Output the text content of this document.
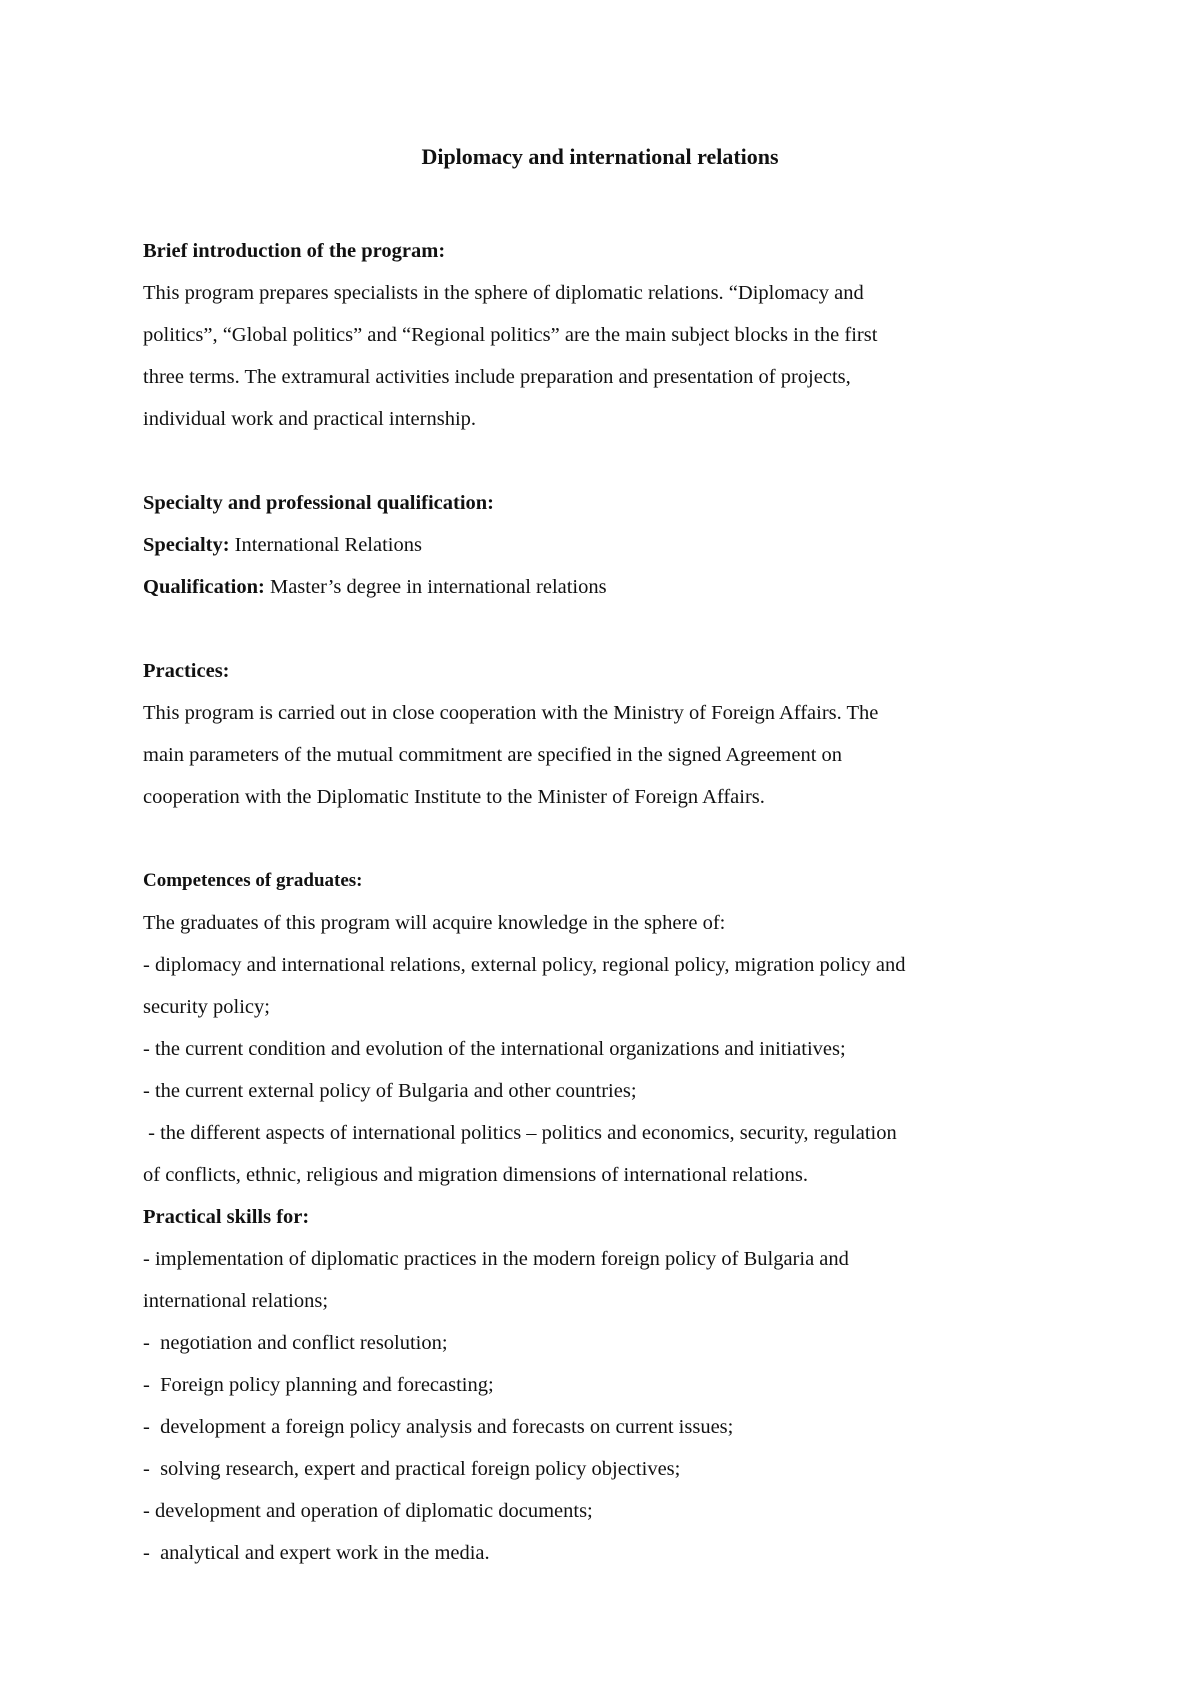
Diplomacy and international relations

Brief introduction of the program:

This program prepares specialists in the sphere of diplomatic relations. “Diplomacy and

politics”, “Global politics” and “Regional politics” are the main subject blocks in the first

three terms. The extramural activities include preparation and presentation of projects,

individual work and practical internship.

Specialty and professional qualification:

Specialty: International Relations

Qualification: Master’s degree in international relations

Practices:

This program is carried out in close cooperation with the Ministry of Foreign Affairs. The

main parameters of the mutual commitment are specified in the signed Agreement on

cooperation with the Diplomatic Institute to the Minister of Foreign Affairs.

Competences of graduates:

The graduates of this program will acquire knowledge in the sphere of:

- diplomacy and international relations, external policy, regional policy, migration policy and

security policy;

- the current condition and evolution of the international organizations and initiatives;

- the current external policy of Bulgaria and other countries;

- the different aspects of international politics – politics and economics, security, regulation

of conflicts, ethnic, religious and migration dimensions of international relations.

Practical skills for:

- implementation of diplomatic practices in the modern foreign policy of Bulgaria and

international relations;

-  negotiation and conflict resolution;

-  Foreign policy planning and forecasting;

-  development a foreign policy analysis and forecasts on current issues;

-  solving research, expert and practical foreign policy objectives;

- development and operation of diplomatic documents;

-  analytical and expert work in the media.
